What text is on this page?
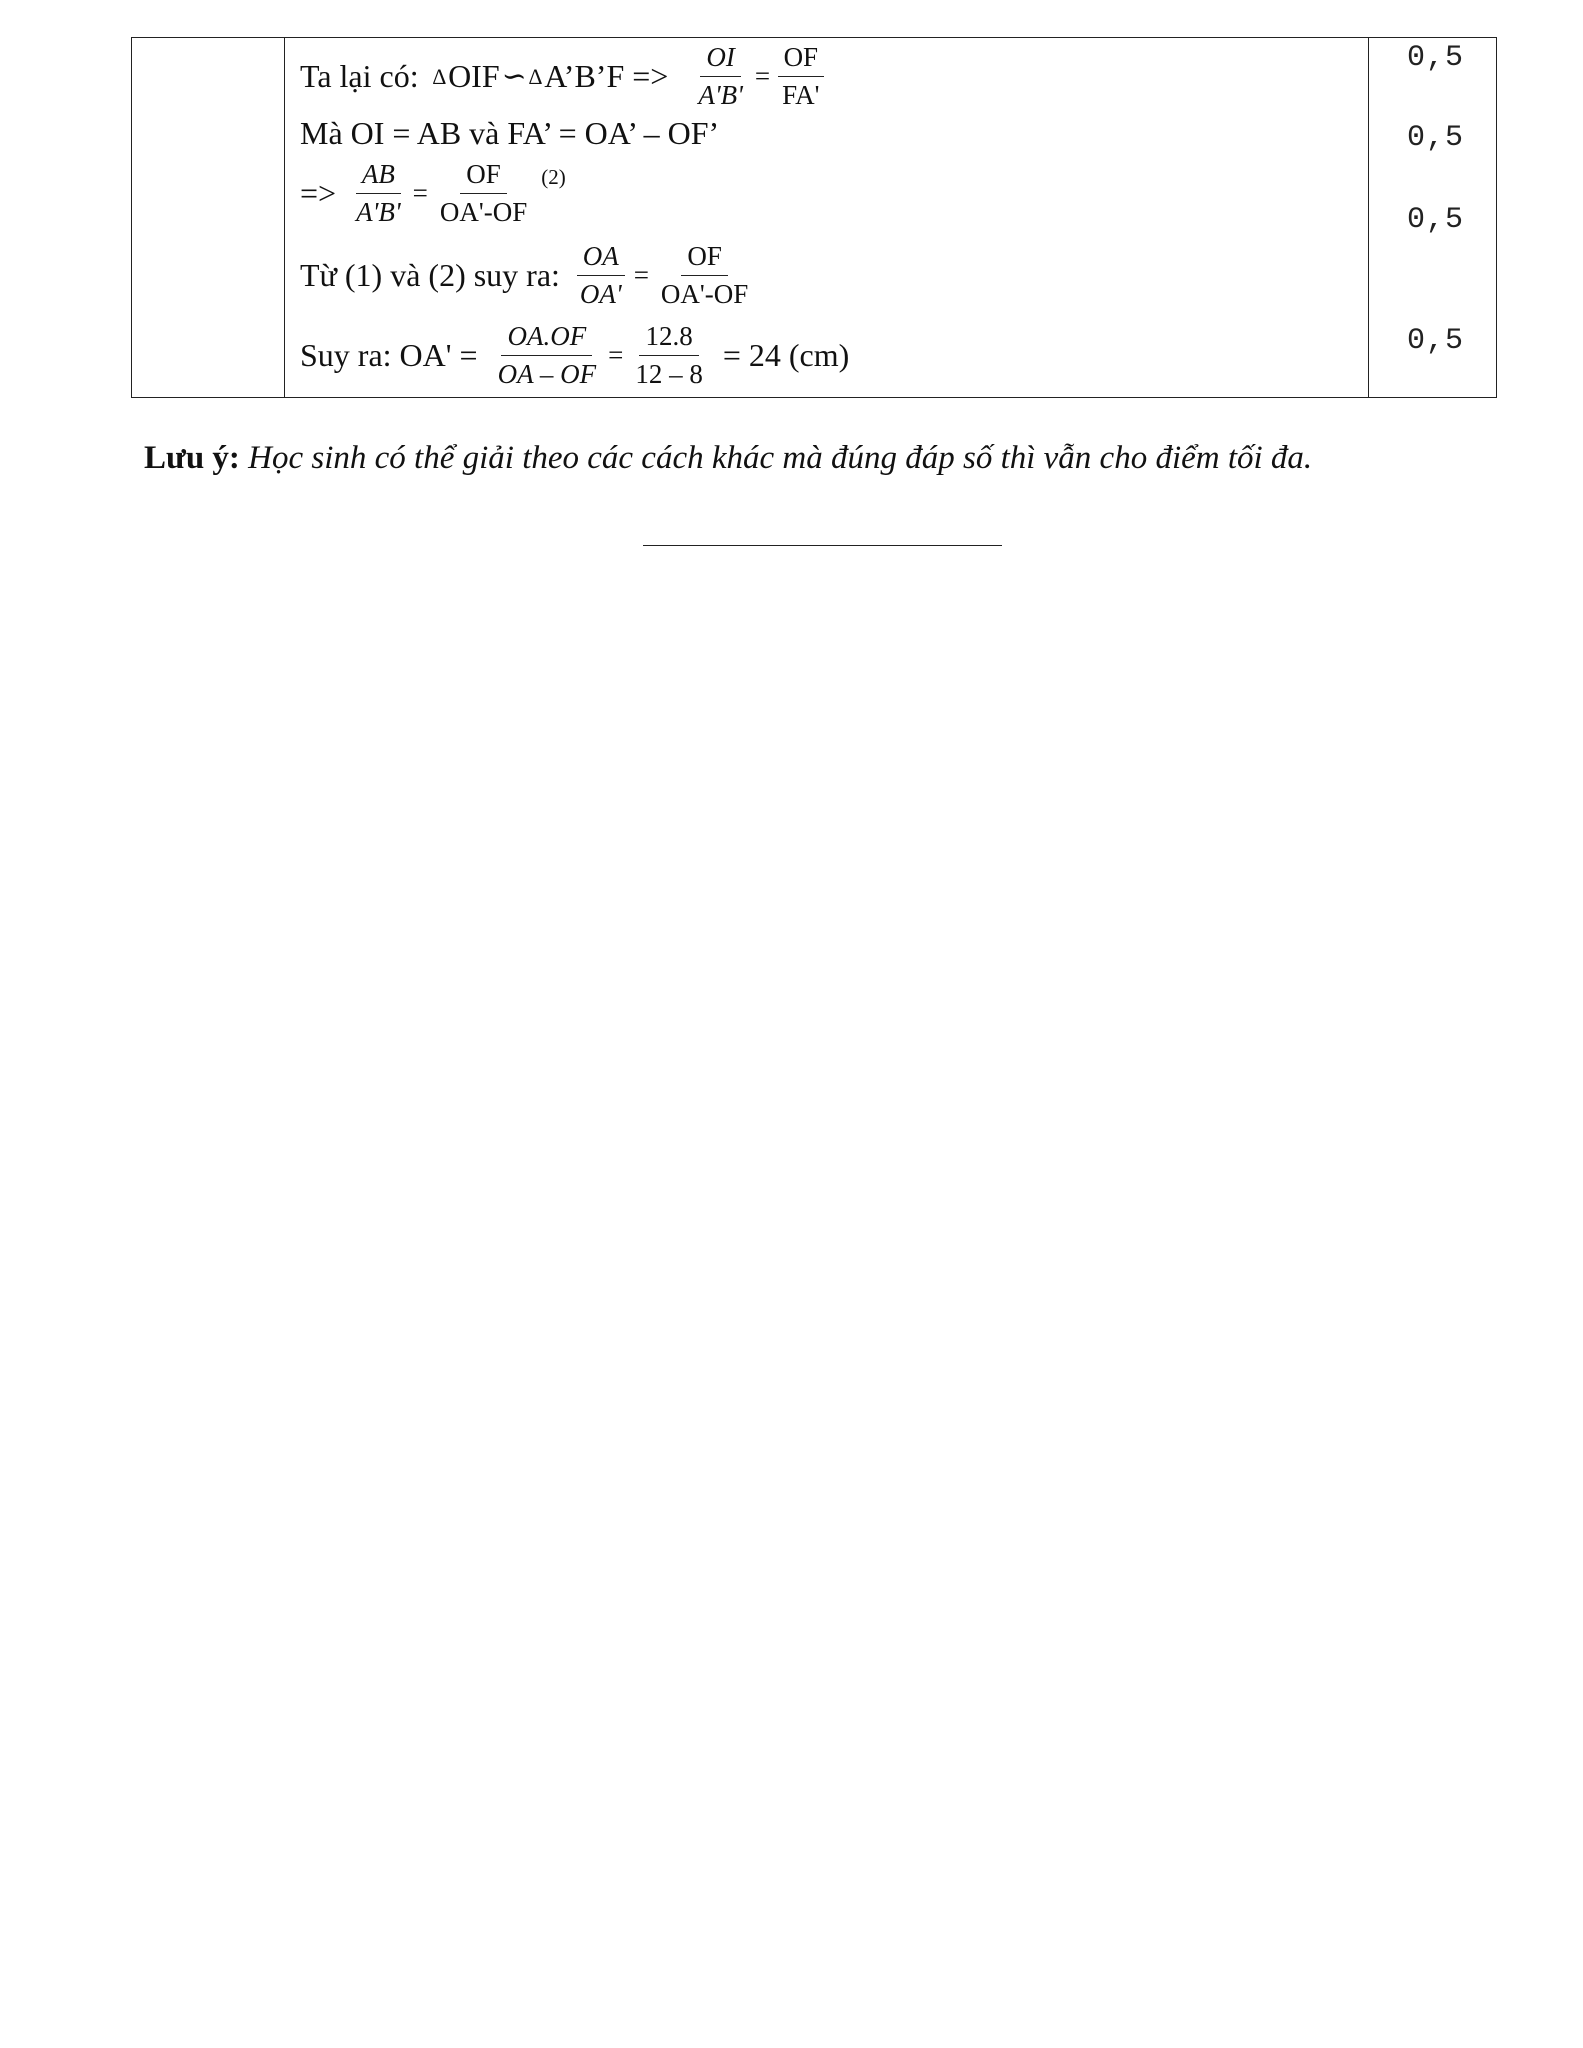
Ta lại có: ∆ OIF ∽ ∆ A’B’F => $\frac{OI}{A'B'} = \frac{OF}{FA'}$
Mà OI = AB và FA’ = OA’ – OF’
=> $\frac{AB}{A'B'} = \frac{OF}{OA'-OF} (2)$
Từ (1) và (2) suy ra: $\frac{OA}{OA'} = \frac{OF}{OA'-OF}$
Suy ra: $OA' = \frac{OA.OF}{OA - OF} = \frac{12.8}{12 - 8} = 24$ (cm)
0,5
0,5
0,5
0,5
Lưu ý: Học sinh có thể giải theo các cách khác mà đúng đáp số thì vẫn cho điểm tối đa.
